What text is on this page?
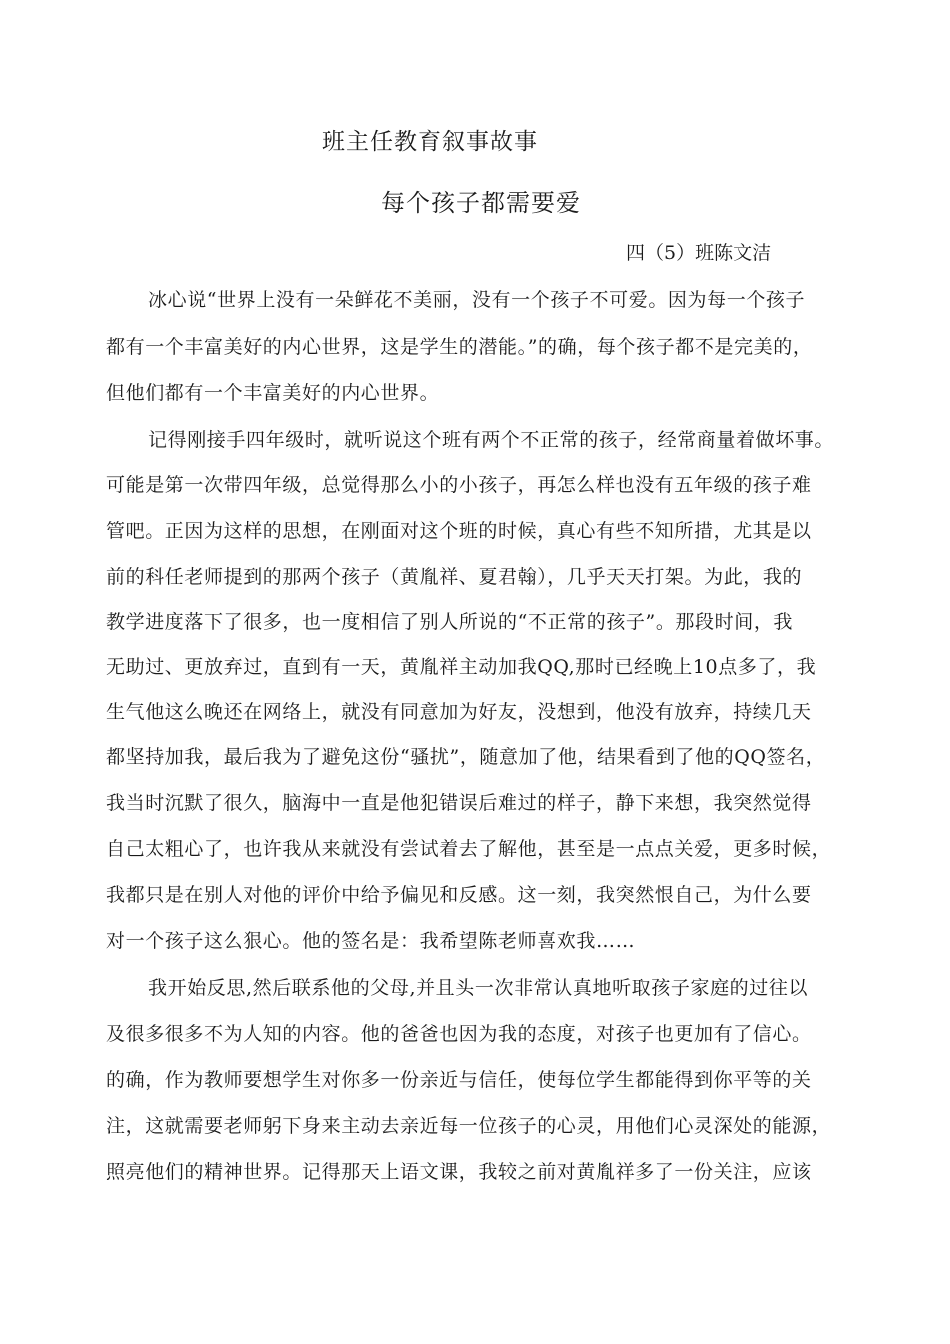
班主任教育叙事故事
每个孩子都需要爱
四（5）班陈文洁
冰心说“世界上没有一朵鲜花不美丽，没有一个孩子不可爱。因为每一个孩子
都有一个丰富美好的内心世界，这是学生的潜能。”的确，每个孩子都不是完美的，
但他们都有一个丰富美好的内心世界。
记得刚接手四年级时，就听说这个班有两个不正常的孩子，经常商量着做坏事。
可能是第一次带四年级，总觉得那么小的小孩子，再怎么样也没有五年级的孩子难
管吧。正因为这样的思想，在刚面对这个班的时候，真心有些不知所措，尤其是以
前的科任老师提到的那两个孩子（黄胤祥、夏君翰），几乎天天打架。为此，我的
教学进度落下了很多，也一度相信了别人所说的“不正常的孩子”。那段时间，我
无助过、更放弃过，直到有一天，黄胤祥主动加我QQ,那时已经晚上10点多了，我
生气他这么晚还在网络上，就没有同意加为好友，没想到，他没有放弃，持续几天
都坚持加我，最后我为了避免这份“骚扰”，随意加了他，结果看到了他的QQ签名，
我当时沉默了很久，脑海中一直是他犯错误后难过的样子，静下来想，我突然觉得
自己太粗心了，也许我从来就没有尝试着去了解他，甚至是一点点关爱，更多时候，
我都只是在别人对他的评价中给予偏见和反感。这一刻，我突然恨自己，为什么要
对一个孩子这么狠心。他的签名是：我希望陈老师喜欢我……
我开始反思,然后联系他的父母,并且头一次非常认真地听取孩子家庭的过往以
及很多很多不为人知的内容。他的爸爸也因为我的态度，对孩子也更加有了信心。
的确，作为教师要想学生对你多一份亲近与信任，使每位学生都能得到你平等的关
注，这就需要老师躬下身来主动去亲近每一位孩子的心灵，用他们心灵深处的能源，
照亮他们的精神世界。记得那天上语文课，我较之前对黄胤祥多了一份关注，应该
